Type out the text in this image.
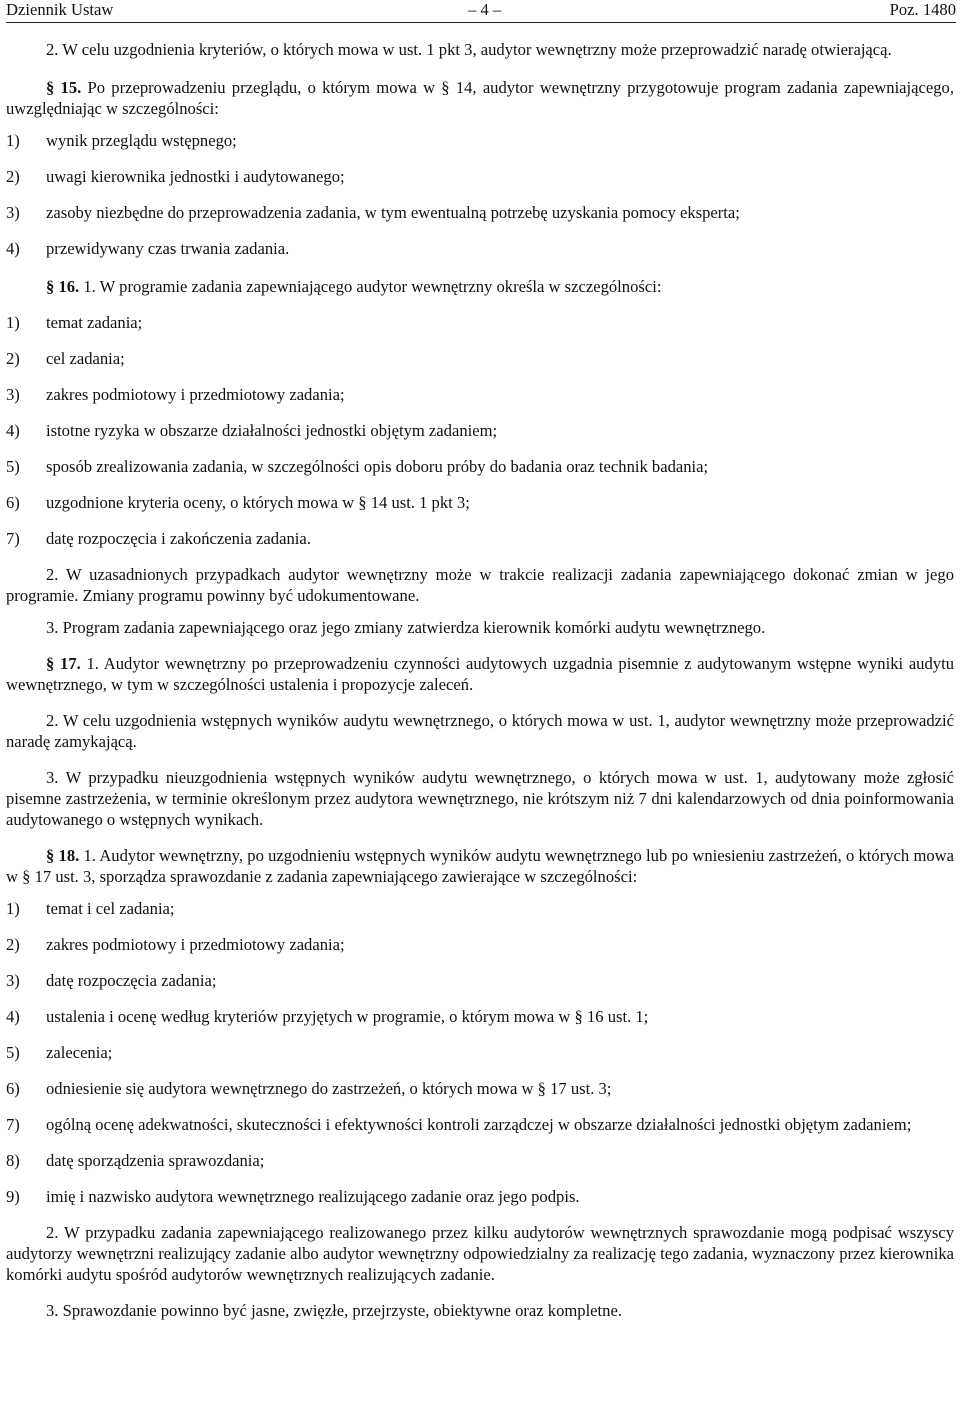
Dziennik Ustaw	– 4 –	Poz. 1480

2. W celu uzgodnienia kryteriów, o których mowa w ust. 1 pkt 3, audytor wewnętrzny może przeprowadzić naradę otwierającą.

§ 15. Po przeprowadzeniu przeglądu, o którym mowa w § 14, audytor wewnętrzny przygotowuje program zadania zapewniającego, uwzględniając w szczególności:

1) wynik przeglądu wstępnego;
2) uwagi kierownika jednostki i audytowanego;
3) zasoby niezbędne do przeprowadzenia zadania, w tym ewentualną potrzebę uzyskania pomocy eksperta;
4) przewidywany czas trwania zadania.

§ 16. 1. W programie zadania zapewniającego audytor wewnętrzny określa w szczególności:

1) temat zadania;
2) cel zadania;
3) zakres podmiotowy i przedmiotowy zadania;
4) istotne ryzyka w obszarze działalności jednostki objętym zadaniem;
5) sposób zrealizowania zadania, w szczególności opis doboru próby do badania oraz technik badania;
6) uzgodnione kryteria oceny, o których mowa w § 14 ust. 1 pkt 3;
7) datę rozpoczęcia i zakończenia zadania.

2. W uzasadnionych przypadkach audytor wewnętrzny może w trakcie realizacji zadania zapewniającego dokonać zmian w jego programie. Zmiany programu powinny być udokumentowane.

3. Program zadania zapewniającego oraz jego zmiany zatwierdza kierownik komórki audytu wewnętrznego.

§ 17. 1. Audytor wewnętrzny po przeprowadzeniu czynności audytowych uzgadnia pisemnie z audytowanym wstępne wyniki audytu wewnętrznego, w tym w szczególności ustalenia i propozycje zaleceń.

2. W celu uzgodnienia wstępnych wyników audytu wewnętrznego, o których mowa w ust. 1, audytor wewnętrzny może przeprowadzić naradę zamykającą.

3. W przypadku nieuzgodnienia wstępnych wyników audytu wewnętrznego, o których mowa w ust. 1, audytowany może zgłosić pisemne zastrzeżenia, w terminie określonym przez audytora wewnętrznego, nie krótszym niż 7 dni kalendarzowych od dnia poinformowania audytowanego o wstępnych wynikach.

§ 18. 1. Audytor wewnętrzny, po uzgodnieniu wstępnych wyników audytu wewnętrznego lub po wniesieniu zastrzeżeń, o których mowa w § 17 ust. 3, sporządza sprawozdanie z zadania zapewniającego zawierające w szczególności:

1) temat i cel zadania;
2) zakres podmiotowy i przedmiotowy zadania;
3) datę rozpoczęcia zadania;
4) ustalenia i ocenę według kryteriów przyjętych w programie, o którym mowa w § 16 ust. 1;
5) zalecenia;
6) odniesienie się audytora wewnętrznego do zastrzeżeń, o których mowa w § 17 ust. 3;
7) ogólną ocenę adekwatności, skuteczności i efektywności kontroli zarządczej w obszarze działalności jednostki objętym zadaniem;
8) datę sporządzenia sprawozdania;
9) imię i nazwisko audytora wewnętrznego realizującego zadanie oraz jego podpis.

2. W przypadku zadania zapewniającego realizowanego przez kilku audytorów wewnętrznych sprawozdanie mogą podpisać wszyscy audytorzy wewnętrzni realizujący zadanie albo audytor wewnętrzny odpowiedzialny za realizację tego zadania, wyznaczony przez kierownika komórki audytu spośród audytorów wewnętrznych realizujących zadanie.

3. Sprawozdanie powinno być jasne, zwięzłe, przejrzyste, obiektywne oraz kompletne.
